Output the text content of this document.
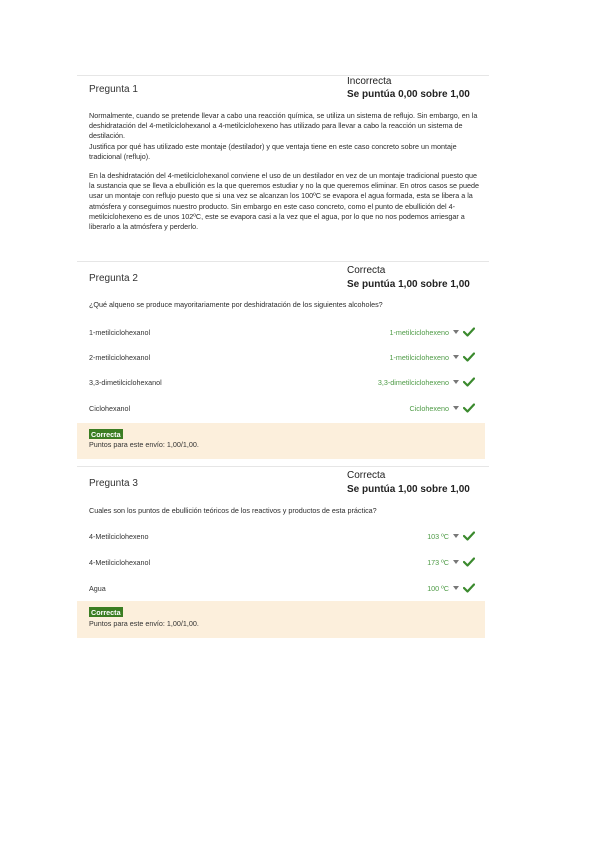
Pregunta 1
Incorrecta
Se puntúa 0,00 sobre 1,00
Normalmente, cuando se pretende llevar a cabo una reacción química, se utiliza un sistema de reflujo. Sin embargo, en la deshidratación del 4-metilciclohexanol a 4-metilciclohexeno has utilizado para llevar a cabo la reacción un sistema de destilación.
Justifica por qué has utilizado este montaje (destilador) y que ventaja tiene en este caso concreto sobre un montaje tradicional (reflujo).
En la deshidratación del 4-metilciclohexanol conviene el uso de un destilador en vez de un montaje tradicional puesto que la sustancia que se lleva a ebullición es la que queremos estudiar y no la que queremos eliminar. En otros casos se puede usar un montaje con reflujo puesto que si una vez se alcanzan los 100ºC se evapora el agua formada, esta se libera a la atmósfera y conseguimos nuestro producto. Sin embargo en este caso concreto, como el punto de ebullición del 4-metilciclohexeno es de unos 102ºC, este se evapora casi a la vez que el agua, por lo que no nos podemos arriesgar a liberarlo a la atmósfera y perderlo.
Pregunta 2
Correcta
Se puntúa 1,00 sobre 1,00
¿Qué alqueno se produce mayoritariamente por deshidratación de los siguientes alcoholes?
1-metilciclohexanol	1-metilciclohexeno
2-metilciclohexanol	1-metilciclohexeno
3,3-dimetilciclohexanol	3,3-dimetilciclohexeno
Ciclohexanol	Ciclohexeno
Correcta
Puntos para este envío: 1,00/1,00.
Pregunta 3
Correcta
Se puntúa 1,00 sobre 1,00
Cuales son los puntos de ebullición teóricos de los reactivos y productos de esta práctica?
4-Metilciclohexeno	103 ºC
4-Metilciclohexanol	173 ºC
Agua	100 ºC
Correcta
Puntos para este envío: 1,00/1,00.
